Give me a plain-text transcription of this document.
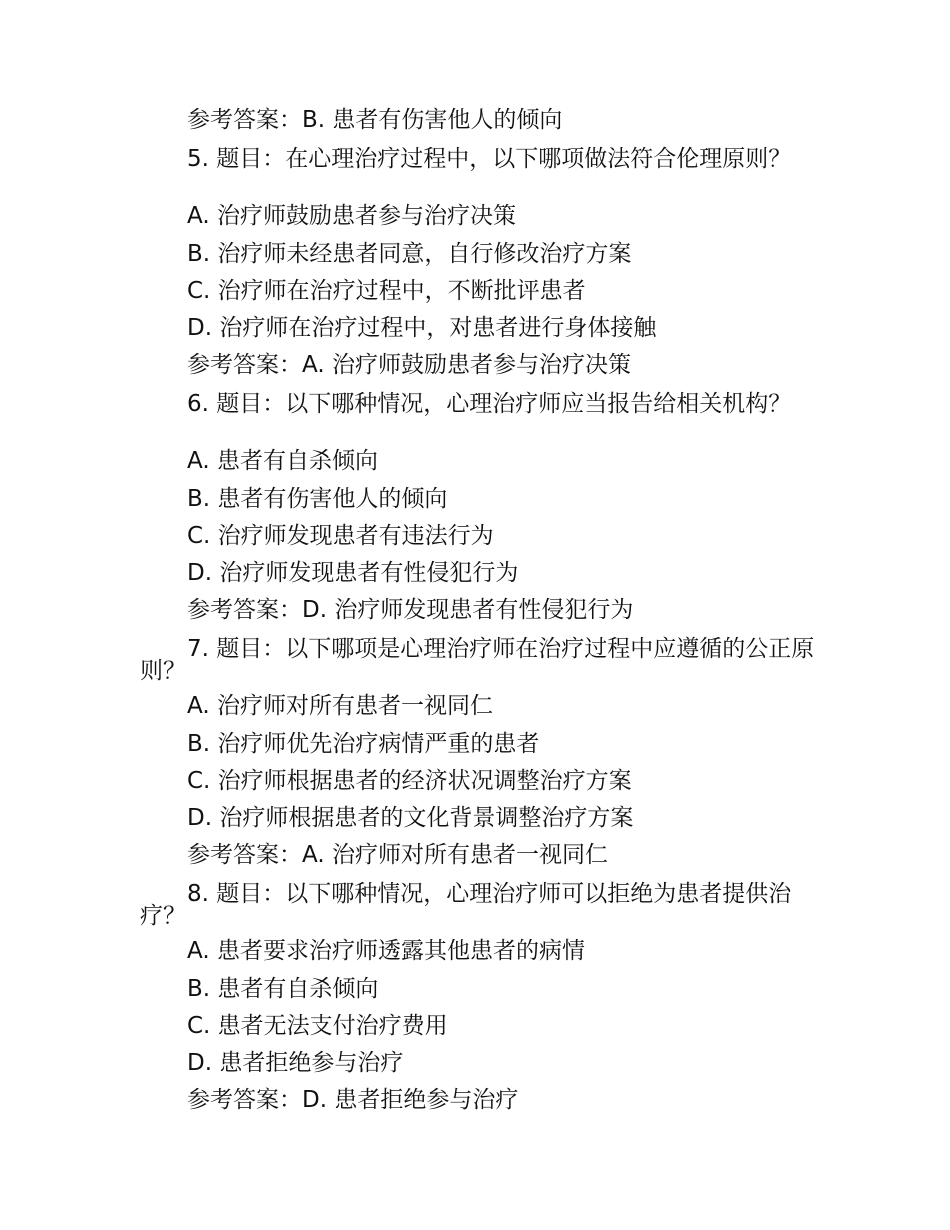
参考答案：B. 患者有伤害他人的倾向
5. 题目：在心理治疗过程中，以下哪项做法符合伦理原则？
A. 治疗师鼓励患者参与治疗决策
B. 治疗师未经患者同意，自行修改治疗方案
C. 治疗师在治疗过程中，不断批评患者
D. 治疗师在治疗过程中，对患者进行身体接触
参考答案：A. 治疗师鼓励患者参与治疗决策
6. 题目：以下哪种情况，心理治疗师应当报告给相关机构？
A. 患者有自杀倾向
B. 患者有伤害他人的倾向
C. 治疗师发现患者有违法行为
D. 治疗师发现患者有性侵犯行为
参考答案：D. 治疗师发现患者有性侵犯行为
7. 题目：以下哪项是心理治疗师在治疗过程中应遵循的公正原则？
A. 治疗师对所有患者一视同仁
B. 治疗师优先治疗病情严重的患者
C. 治疗师根据患者的经济状况调整治疗方案
D. 治疗师根据患者的文化背景调整治疗方案
参考答案：A. 治疗师对所有患者一视同仁
8. 题目：以下哪种情况，心理治疗师可以拒绝为患者提供治疗？
A. 患者要求治疗师透露其他患者的病情
B. 患者有自杀倾向
C. 患者无法支付治疗费用
D. 患者拒绝参与治疗
参考答案：D. 患者拒绝参与治疗
